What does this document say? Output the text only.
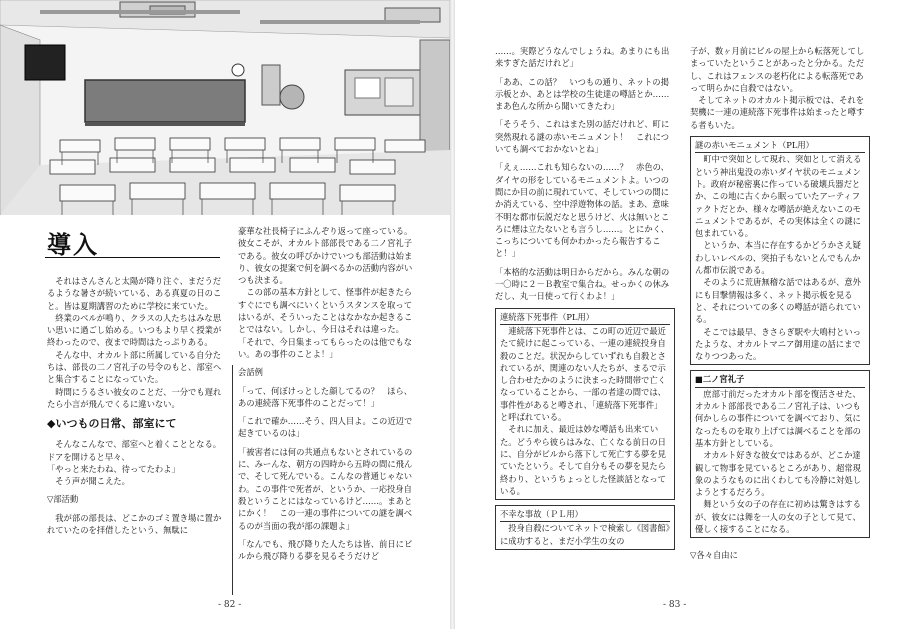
導入

それはさんさんと太陽が降り注ぐ、まだうだるような暑さが続いている、ある真夏の日のこと。皆は夏期講習のために学校に来ていた。

終業のベルが鳴り、クラスの人たちはみな思い思いに過ごし始める。いつもより早く授業が終わったので、夜まで時間はたっぷりある。

そんな中、オカルト部に所属している自分たちは、部長の二ノ宮礼子の号令のもと、部室へと集合することになっていた。

時間にうるさい彼女のことだ、一分でも遅れたら小言が飛んでくるに違いない。

◆いつもの日常、部室にて

そんなこんなで、部室へと着くこととなる。ドアを開けると早々、

「やっと来たわね、待ってたわよ」

そう声が聞こえた。

▽部活動

我が部の部長は、どこかのゴミ置き場に置かれていたのを拝借したという、無駄に

豪華な社長椅子にふんぞり返って座っている。彼女こそが、オカルト部部長である二ノ宮礼子である。彼女の呼びかけでいつも部活動は始まり、彼女の提案で何を調べるかの活動内容がいつも決まる。

この部の基本方針として、怪事件が起きたらすぐにでも調べにいくというスタンスを取ってはいるが、そういったことはなかなか起きることではない。しかし、今日はそれは違った。

「それで、今日集まってもらったのは他でもない。あの事件のことよ！」

会話例

「って、何ぼけっとした顔してるの？　ほら、あの連続落下死事件のことだって！」

「これで確か……そう、四人目よ。この近辺で起きているのは」

「被害者には何の共通点もないとされているのに、みーんな、朝方の四時から五時の間に飛んで、そして死んでいる。こんなの普通じゃないわ。この事件で死者が、というか、一応投身自殺ということにはなっているけど……。まあとにかく！　この一連の事件についての謎を調べるのが当面の我が部の課題よ」

「なんでも、飛び降りた人たちは皆、前日にビルから飛び降りる夢を見るそうだけど

- 82 -

……。実際どうなんでしょうね。あまりにも出来すぎた話だけれど」

「ああ、この話？　いつもの通り、ネットの掲示板とか、あとは学校の生徒達の噂話とか……まあ色んな所から聞いてきたわ」

「そうそう、これはまた別の話だけれど、町に突然現れる謎の赤いモニュメント！　これについても調べておかないとね」

「えぇ……これも知らないの……？　赤色の、ダイヤの形をしているモニュメントよ。いつの間にか目の前に現れていて、そしていつの間にか消えている、空中浮遊物体の話。まあ、意味不明な都市伝説だなと思うけど、火は無いところに煙は立たないとも言うし……。とにかく、こっちについても何かわかったら報告すること！」

「本格的な活動は明日からだから。みんな朝の一〇時に２－Ｂ教室で集合ね。せっかくの休みだし、丸一日使って行くわよ！」

連続落下死事件（PL用）

連続落下死事件とは、この町の近辺で最近たて続けに起こっている、一連の連続投身自殺のことだ。状況からしていずれも自殺とされているが、関連のない人たちが、まるで示し合わせたかのように決まった時間帯で亡くなっていることから、一部の者達の間では、事件性があると噂され、「連続落下死事件」と呼ばれている。

それに加え、最近は妙な噂話も出来ていた。どうやら彼らはみな、亡くなる前日の日に、自分がビルから落下して死亡する夢を見ていたという。そして自分もその夢を見たら終わり、というちょっとした怪談話となっている。

不幸な事故（ＰＬ用）

投身自殺についてネットで検索し《図書館》に成功すると、まだ小学生の女の

子が、数ヶ月前にビルの屋上から転落死してしまっていたということがあったと分かる。ただし、これはフェンスの老朽化による転落死であって明らかに自殺ではない。

そしてネットのオカルト掲示板では、それを契機に一連の連続落下死事件は始まったと噂する者もいた。

謎の赤いモニュメント（PL用）

町中で突如として現れ、突如として消えるという神出鬼没の赤いダイヤ状のモニュメント。政府が秘密裏に作っている破壊兵器だとか、この地に古くから眠っていたアーティファクトだとか、様々な噂話が絶えないこのモニュメントであるが、その実体は全くの謎に包まれている。

というか、本当に存在するかどうかさえ疑わしいレベルの、突拍子もないとんでもんかん都市伝説である。

そのように荒唐無稽な話ではあるが、意外にも目撃情報は多く、ネット掲示板を見ると、それについての多くの噂話が語られている。

そこでは最早、きさらぎ駅や大鳴村といったような、オカルトマニア御用達の話にまでなりつつあった。

■二ノ宮礼子

庶部寸前だったオカルト部を復活させた、オカルト部部長である二ノ宮礼子は、いつも何かしらの事件についてを調べており、気になったものを取り上げては調べることを部の基本方針としている。

オカルト好きな彼女ではあるが、どこか達観して物事を見ているところがあり、超常現象のようなものに出くわしても冷静に対処しようとするだろう。

舞という女の子の存在に初めは驚きはするが、彼女には舞を一人の女の子として見て、優しく接することになる。

▽各々自由に

- 83 -
